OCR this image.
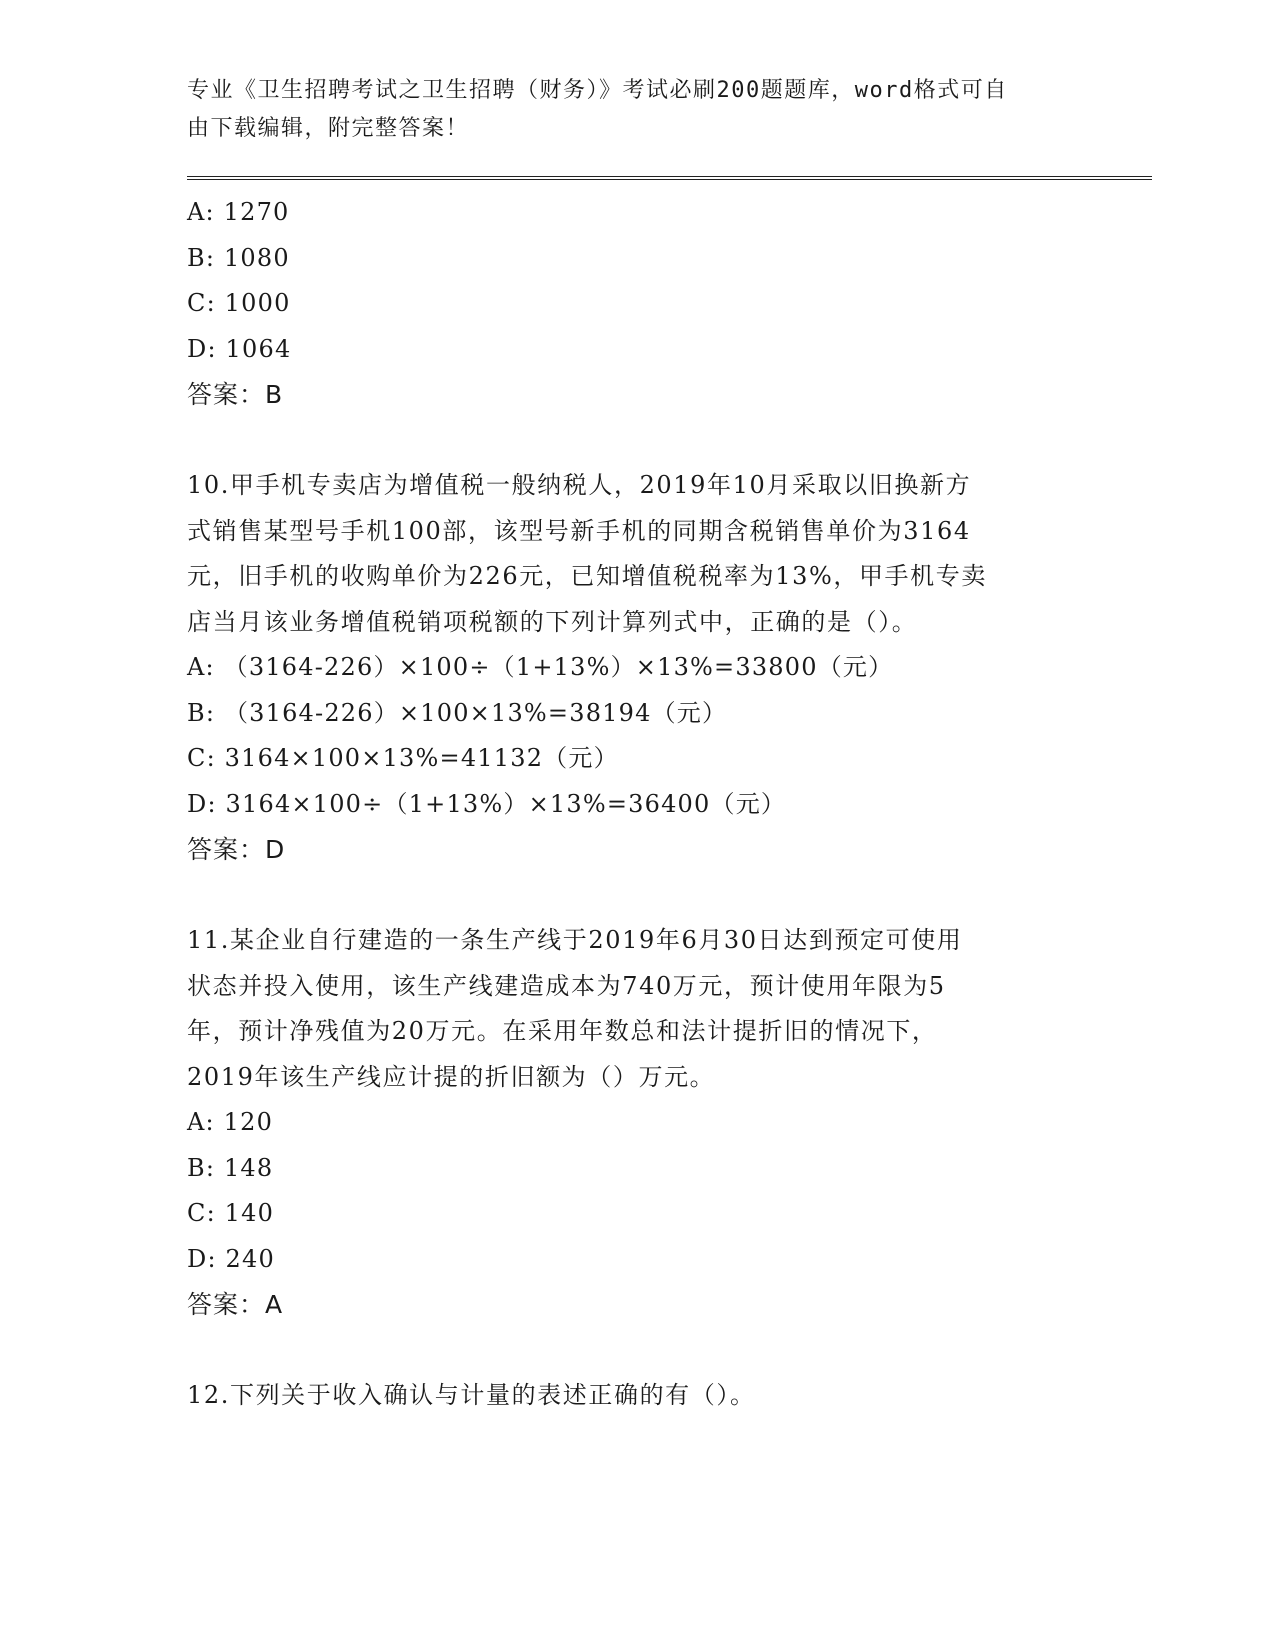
专业《卫生招聘考试之卫生招聘（财务）》考试必刷200题题库，word格式可自
由下载编辑，附完整答案！
A: 1270
B: 1080
C: 1000
D: 1064
答案：B
10.甲手机专卖店为增值税一般纳税人，2019年10月采取以旧换新方
式销售某型号手机100部，该型号新手机的同期含税销售单价为3164
元，旧手机的收购单价为226元，已知增值税税率为13%，甲手机专卖
店当月该业务增值税销项税额的下列计算列式中，正确的是（）。
A: （3164-226）×100÷（1+13%）×13%=33800（元）
B: （3164-226）×100×13%=38194（元）
C: 3164×100×13%=41132（元）
D: 3164×100÷（1+13%）×13%=36400（元）
答案：D
11.某企业自行建造的一条生产线于2019年6月30日达到预定可使用
状态并投入使用，该生产线建造成本为740万元，预计使用年限为5
年，预计净残值为20万元。在采用年数总和法计提折旧的情况下，
2019年该生产线应计提的折旧额为（）万元。
A: 120
B: 148
C: 140
D: 240
答案：A
12.下列关于收入确认与计量的表述正确的有（）。
